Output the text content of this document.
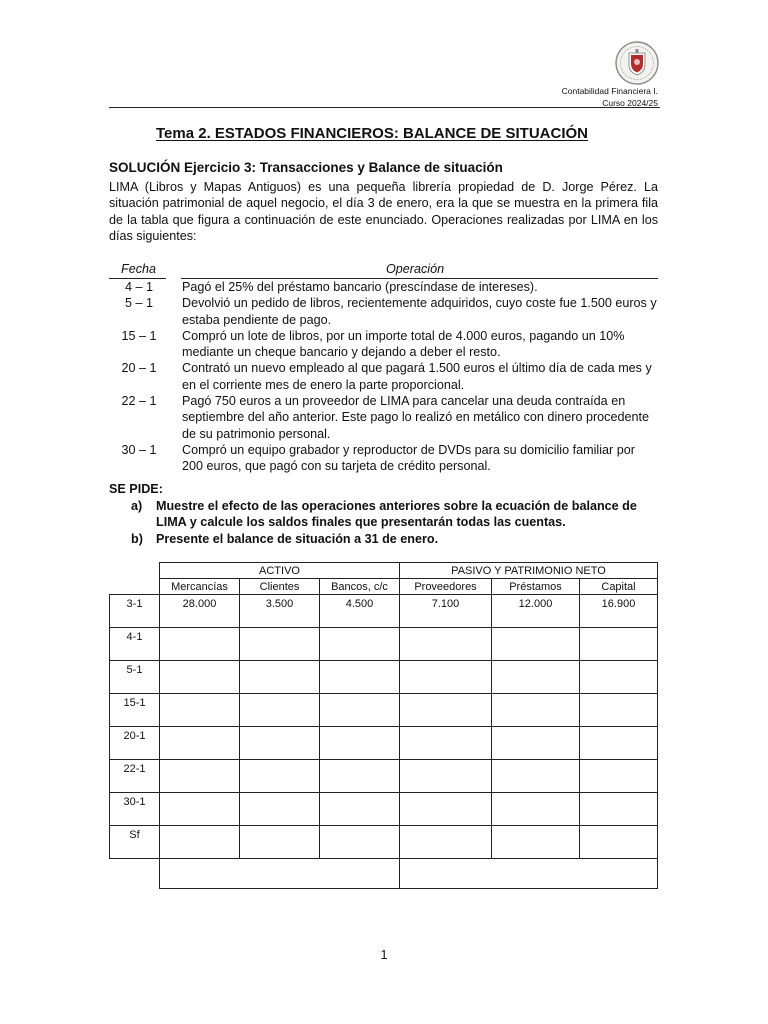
Contabilidad Financiera I.
Curso 2024/25
Tema 2. ESTADOS FINANCIEROS: BALANCE DE SITUACIÓN
SOLUCIÓN Ejercicio 3: Transacciones y Balance de situación
LIMA (Libros y Mapas Antiguos) es una pequeña librería propiedad de D. Jorge Pérez. La situación patrimonial de aquel negocio, el día 3 de enero, era la que se muestra en la primera fila de la tabla que figura a continuación de este enunciado. Operaciones realizadas por LIMA en los días siguientes:
Fecha	Operación
4 – 1	Pagó el 25% del préstamo bancario (prescíndase de intereses).
5 – 1	Devolvió un pedido de libros, recientemente adquiridos, cuyo coste fue 1.500 euros y estaba pendiente de pago.
15 – 1	Compró un lote de libros, por un importe total de 4.000 euros, pagando un 10% mediante un cheque bancario y dejando a deber el resto.
20 – 1	Contrató un nuevo empleado al que pagará 1.500 euros el último día de cada mes y en el corriente mes de enero la parte proporcional.
22 – 1	Pagó 750 euros a un proveedor de LIMA para cancelar una deuda contraída en septiembre del año anterior. Este pago lo realizó en metálico con dinero procedente de su patrimonio personal.
30 – 1	Compró un equipo grabador y reproductor de DVDs para su domicilio familiar por 200 euros, que pagó con su tarjeta de crédito personal.
SE PIDE:
a)	Muestre el efecto de las operaciones anteriores sobre la ecuación de balance de LIMA y calcule los saldos finales que presentarán todas las cuentas.
b)	Presente el balance de situación a 31 de enero.
	ACTIVO			PASIVO Y PATRIMONIO NETO		
	Mercancías	Clientes	Bancos, c/c	Proveedores	Préstamos	Capital
3-1	28.000	3.500	4.500	7.100	12.000	16.900
4-1						
5-1						
15-1						
20-1						
22-1						
30-1						
Sf						

1
